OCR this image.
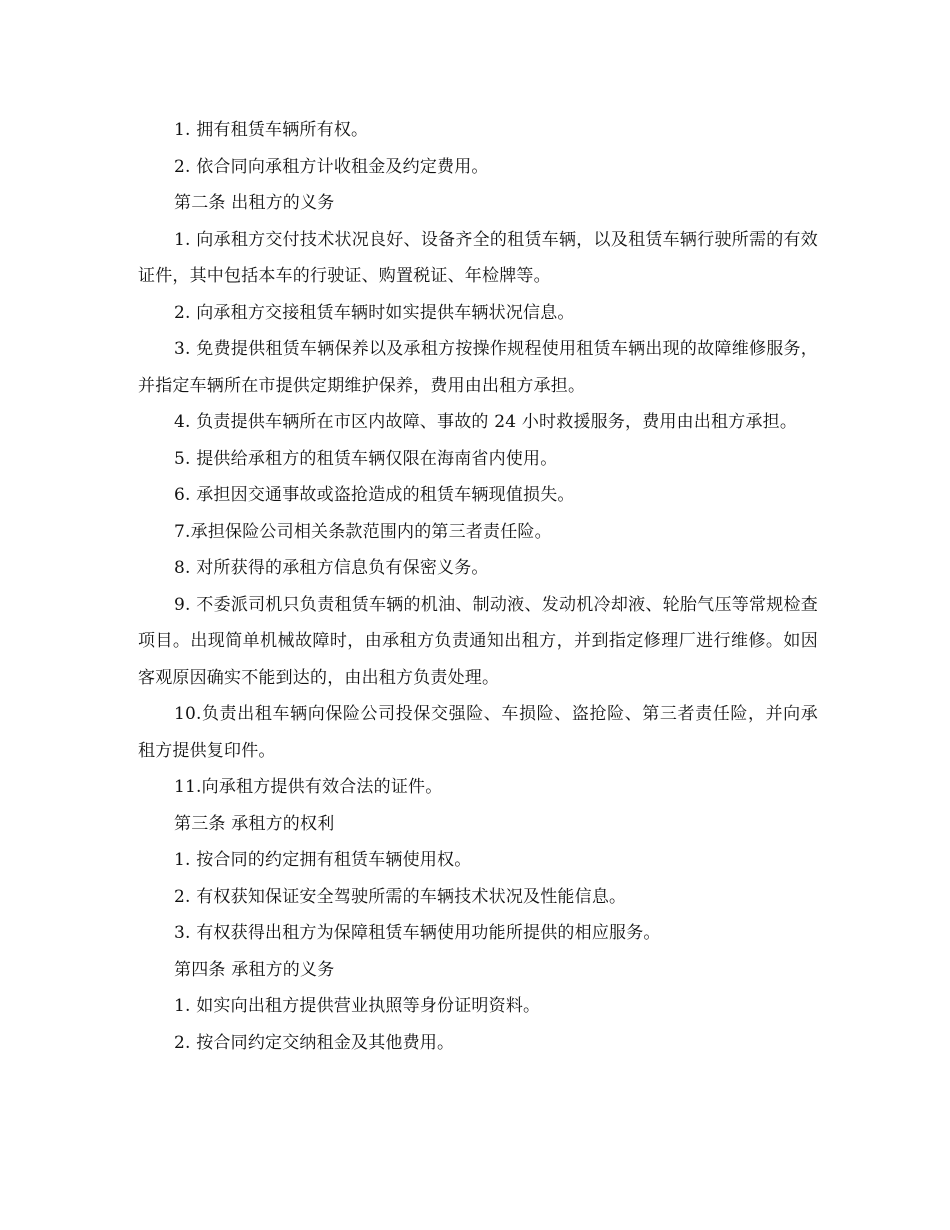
1. 拥有租赁车辆所有权。

2. 依合同向承租方计收租金及约定费用。

第二条 出租方的义务

1. 向承租方交付技术状况良好、设备齐全的租赁车辆，以及租赁车辆行驶所需的有效证件，其中包括本车的行驶证、购置税证、年检牌等。

2. 向承租方交接租赁车辆时如实提供车辆状况信息。

3. 免费提供租赁车辆保养以及承租方按操作规程使用租赁车辆出现的故障维修服务，并指定车辆所在市提供定期维护保养，费用由出租方承担。

4. 负责提供车辆所在市区内故障、事故的 24 小时救援服务，费用由出租方承担。

5. 提供给承租方的租赁车辆仅限在海南省内使用。

6. 承担因交通事故或盗抢造成的租赁车辆现值损失。

7.承担保险公司相关条款范围内的第三者责任险。

8. 对所获得的承租方信息负有保密义务。

9. 不委派司机只负责租赁车辆的机油、制动液、发动机冷却液、轮胎气压等常规检查项目。出现简单机械故障时，由承租方负责通知出租方，并到指定修理厂进行维修。如因客观原因确实不能到达的，由出租方负责处理。

10.负责出租车辆向保险公司投保交强险、车损险、盗抢险、第三者责任险，并向承租方提供复印件。

11.向承租方提供有效合法的证件。

第三条 承租方的权利

1. 按合同的约定拥有租赁车辆使用权。

2. 有权获知保证安全驾驶所需的车辆技术状况及性能信息。

3. 有权获得出租方为保障租赁车辆使用功能所提供的相应服务。

第四条 承租方的义务

1. 如实向出租方提供营业执照等身份证明资料。

2. 按合同约定交纳租金及其他费用。
